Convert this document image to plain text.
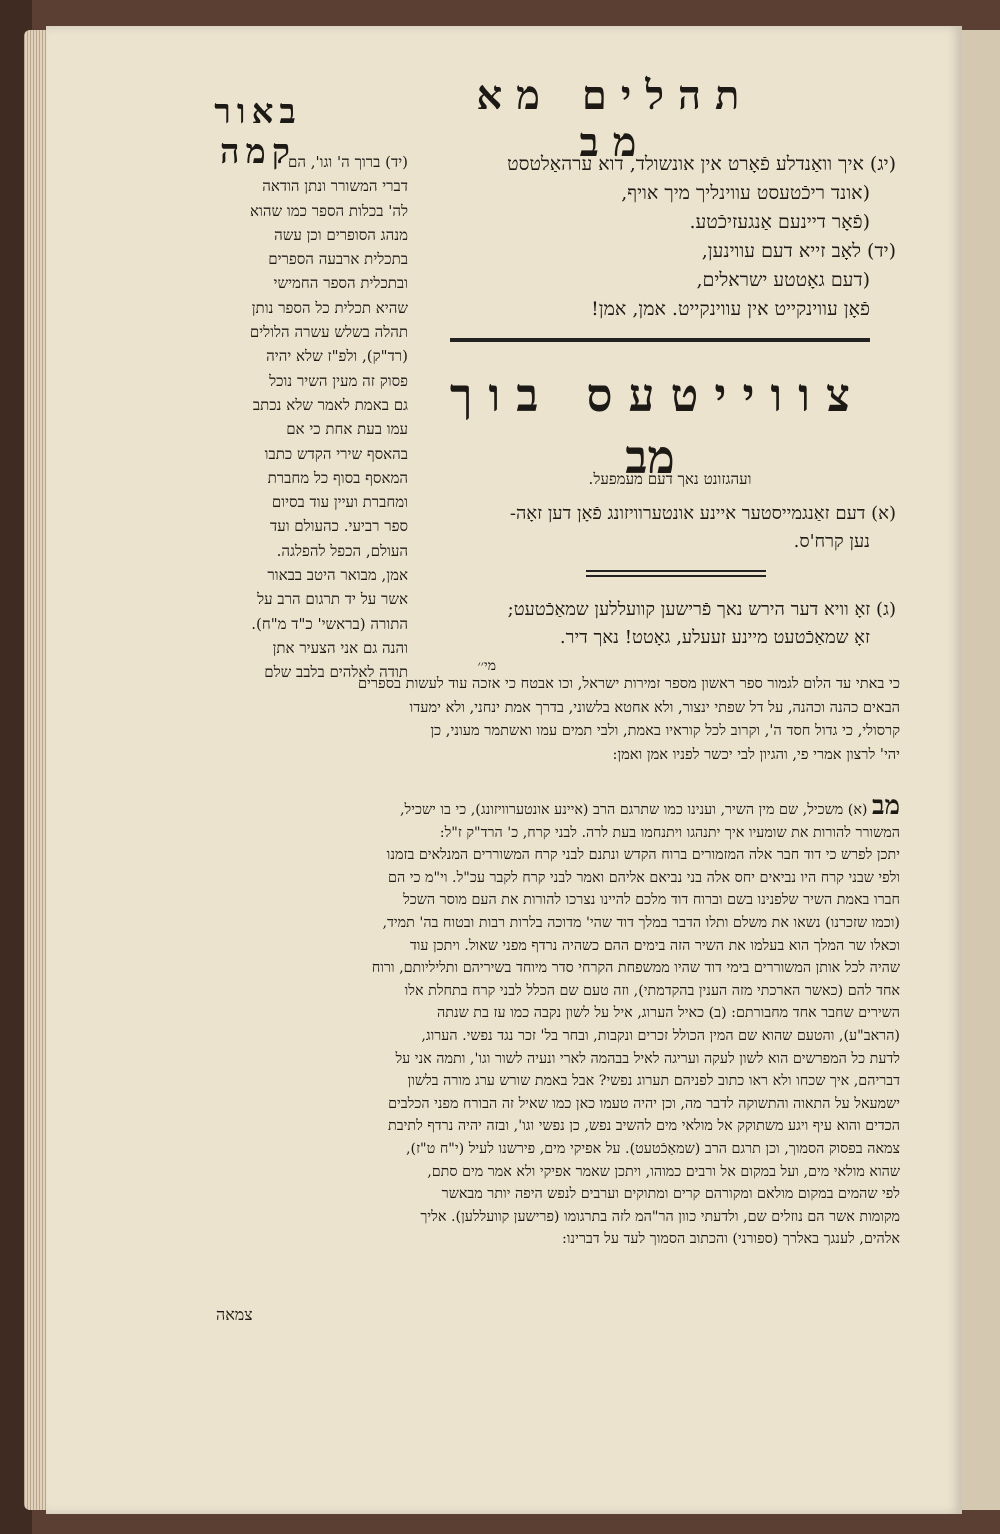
תהלים מא מב
באור קמה	(יג) איך וואַנדלע פֿאָרט אין אונשולד, דוא ערהאַלטסט
(אונד ריכֿטעסט עווינליך מיך אויף,
(פֿאָר דיינעם אַנגעזיכֿטע.
(יד) לאָב זייא דעם עווינען,
(דעם גאָטטע ישראלים,
פֿאָן עווינקייט אין עווינקייט. אמן, אמן!
צווייטעס בוך
מב
ועהגזונט נאך דעם מעמפעל.
(א) דעם זאַנגמייסטער איינע אונטערוויזונג פֿאָן דען זאָה-
נען קרח'ס.
(ג) זאָ וויא דער הירש נאך פֿרישען קוועללען שמאַכֿטעט;
זאָ שמאַכֿטעט מיינע זעעלע, גאָטט! נאך דיר.
מי׳׳
(יד) ברוך ה' וגו', הם
דברי המשורר ונתן הודאה
לה' בכלות הספר כמו שהוא
מנהג הסופרים וכן עשה
בתכלית ארבעה הספרים
ובתכלית הספר החמישי
שהיא תכלית כל הספר נותן
תהלה בשלש עשרה הלולים
(רד"ק), ולפ"ז שלא יהיה
פסוק זה מעין השיר נוכל
גם באמת לאמר שלא נכתב
עמו בעת אחת כי אם
בהאסף שירי הקדש כתבו
המאסף בסוף כל מחברת
ומחברת ועיין עוד בסיום
ספר רביעי. כהעולם ועד
העולם, הכפל להפלגה.
אמן, מבואר היטב בבאור
אשר על יד תרגום הרב על
התורה (בראשי' כ"ד מ"ח).
והנה גם אני הצעיר אתן
תודה לאלהים בלבב שלם
כי באתי עד הלום לגמור ספר ראשון מספר זמירות ישראל, וכו אבטח כי אזכה עוד לעשות בספרים
הבאים כהנה וכהנה, על דל שפתי ינצור, ולא אחטא בלשוני, בדרך אמת ינחני, ולא ימעדו
קרסולי, כי גדול חסד ה', וקרוב לכל קוראיו באמת, ולבי תמים עמו ואשתמר מעוני, כן
יהי' לרצון אמרי פי, והגיון לבי יכשר לפניו אמן ואמן:
מב (א) משכיל, שם מין השיר, וענינו כמו שתרגם הרב (איינע אונטערוויזונג), כי בו ישכיל,
המשורר להורות את שומעיו איך יתנהגו ויתנחמו בעת לרה. לבני קרח, כ' הרד"ק ז"ל:
יתכן לפרש כי דוד חבר אלה המזמורים ברוח הקדש ונתנם לבני קרח המשוררים המנלאים בזמנו
ולפי שבני קרח היו נביאים יחס אלה בני נביאם אליהם ואמר לבני קרח לקבר עכ"ל. וי"מ כי הם
חברו באמת השיר שלפנינו בשם וברוח דוד מלכם להיינו נצרכו להורות את העם מוסר השכל
(וכמו שזכרנו) נשאו את משלם ותלו הדבר במלך דוד שהי' מדוכה בלרות רבות ובטוח בה' תמיד,
וכאלו שר המלך הוא בעלמו את השיר הזה בימים ההם כשהיה נרדף מפני שאול. ויתכן עוד
שהיה לכל אותן המשוררים בימי דוד שהיו ממשפחת הקרחי סדר מיוחד בשיריהם ותליליותם, ורוח
אחד להם (כאשר הארכתי מזה הענין בהקדמתי), וזה טעם שם הכלל לבני קרח בתחלת אלו
השירים שחבר אחד מחבורתם: (ב) כאיל הערוג, איל על לשון נקבה כמו עז בת שנתה
(הראב"ע), והטעם שהוא שם המין הכולל זכרים ונקבות, ובחר בל' זכר נגד נפשי. הערוג,
לדעת כל המפרשים הוא לשון לעקה ועריגה לאיל בבהמה לארי ונעיה לשור וגו', ותמה אני על
דבריהם, איך שכחו ולא ראו כתוב לפניהם תערוג נפשי? אבל באמת שורש ערג מורה בלשון
ישמעאל על התאוה והתשוקה לדבר מה, וכן יהיה טעמו כאן כמו שאיל זה הבורח מפני הכלבים
הכדים והוא עיף ויגע משתוקק אל מולאי מים להשיב נפש, כן נפשי וגו', ובזה יהיה נרדף לתיבת
צמאה בפסוק הסמוך, וכן תרגם הרב (שמאַכֿטעט). על אפיקי מים, פירשנו לעיל (י"ח ט"ז),
שהוא מולאי מים, ועל במקום אל ורבים כמוהו, ויתכן שאמר אפיקי ולא אמר מים סתם,
לפי שהמים במקום מולאם ומקורהם קרים ומתוקים וערבים לנפש היפה יותר מבאשר
מקומות אשר הם נוזלים שם, ולדעתי כוון הר"המ לזה בתרגומו (פרישען קוועללען). אליך
אלהים, לענגך באלרך (ספורני) והכתוב הסמוך לעד על דברינו:
צמאה
